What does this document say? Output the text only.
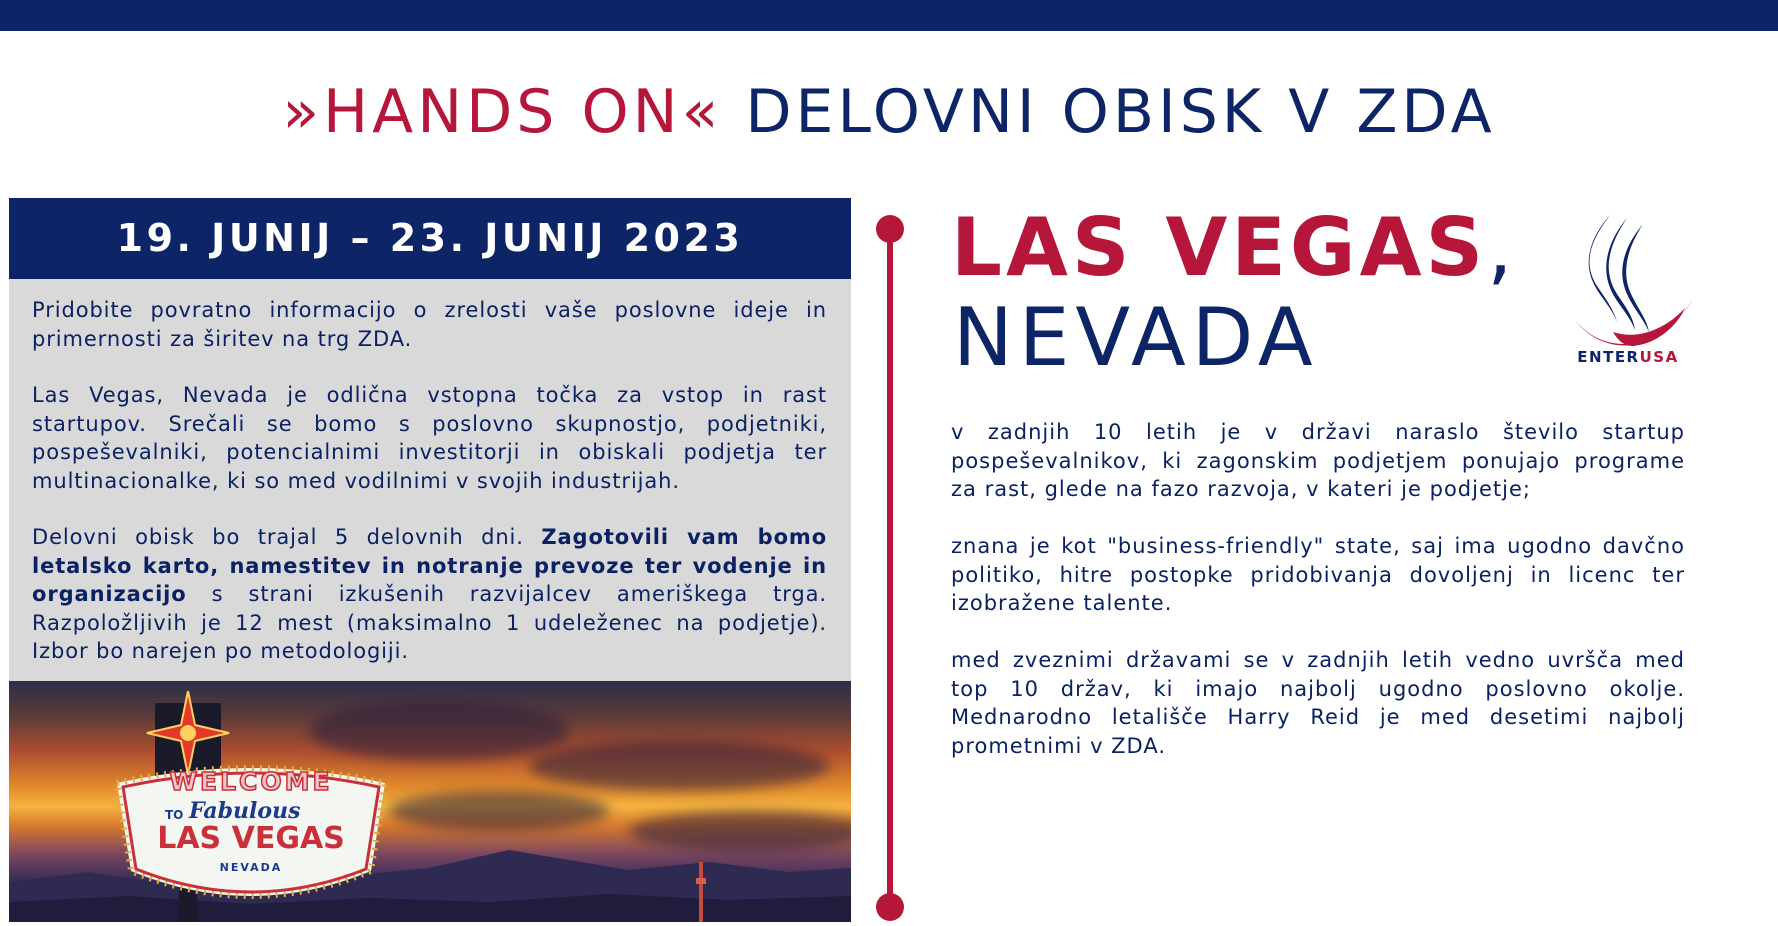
»HANDS ON« DELOVNI OBISK V ZDA
19. JUNIJ – 23. JUNIJ 2023

Pridobite povratno informacijo o zrelosti vaše poslovne ideje in primernosti za širitev na trg ZDA.

Las Vegas, Nevada je odlična vstopna točka za vstop in rast startupov. Srečali se bomo s poslovno skupnostjo, podjetniki, pospeševalniki, potencialnimi investitorji in obiskali podjetja ter multinacionalke, ki so med vodilnimi v svojih industrijah.

Delovni obisk bo trajal 5 delovnih dni. Zagotovili vam bomo letalsko karto, namestitev in notranje prevoze ter vodenje in organizacijo s strani izkušenih razvijalcev ameriškega trga. Razpoložljivih je 12 mest (maksimalno 1 udeleženec na podjetje). Izbor bo narejen po metodologiji.

WELCOME
TO Fabulous
LAS VEGAS
NEVADA
LAS VEGAS,
NEVADA	ENTERUSA

v zadnjih 10 letih je v državi naraslo število startup pospeševalnikov, ki zagonskim podjetjem ponujajo programe za rast, glede na fazo razvoja, v kateri je podjetje;

znana je kot "business-friendly" state, saj ima ugodno davčno politiko, hitre postopke pridobivanja dovoljenj in licenc ter izobražene talente.

med zveznimi državami se v zadnjih letih vedno uvršča med top 10 držav, ki imajo najbolj ugodno poslovno okolje. Mednarodno letališče Harry Reid je med desetimi najbolj prometnimi v ZDA.
